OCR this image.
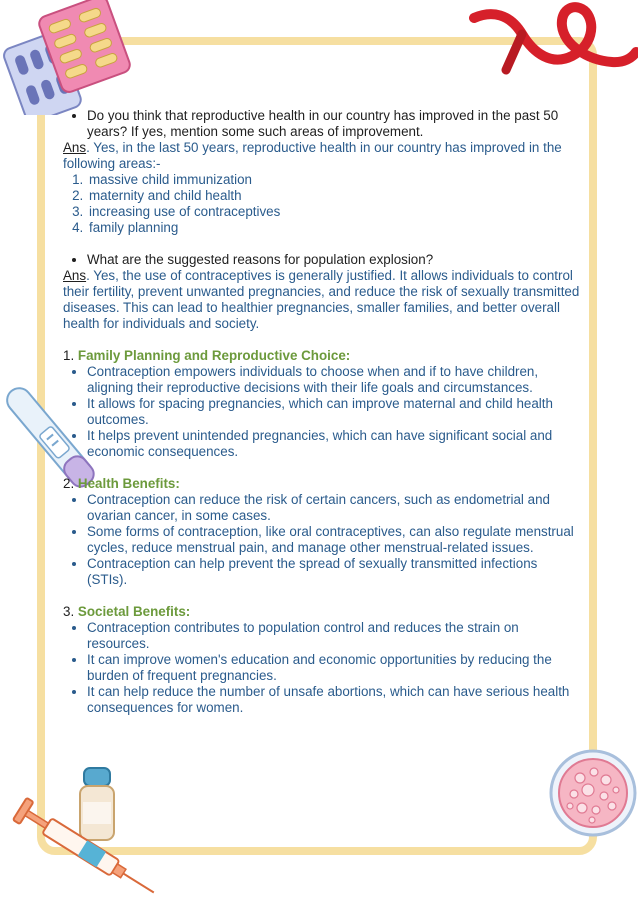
• Do you think that reproductive health in our country has improved in the past 50 years? If yes, mention some such areas of improvement.

Ans. Yes, in the last 50 years, reproductive health in our country has improved in the following areas:-

1. massive child immunization
2. maternity and child health
3. increasing use of contraceptives
4. family planning
• What are the suggested reasons for population explosion?

Ans. Yes, the use of contraceptives is generally justified. It allows individuals to control their fertility, prevent unwanted pregnancies, and reduce the risk of sexually transmitted diseases. This can lead to healthier pregnancies, smaller families, and better overall health for individuals and society.

1. Family Planning and Reproductive Choice:

• Contraception empowers individuals to choose when and if to have children, aligning their reproductive decisions with their life goals and circumstances.
• It allows for spacing pregnancies, which can improve maternal and child health outcomes.
• It helps prevent unintended pregnancies, which can have significant social and economic consequences.

2. Health Benefits:

• Contraception can reduce the risk of certain cancers, such as endometrial and ovarian cancer, in some cases.
• Some forms of contraception, like oral contraceptives, can also regulate menstrual cycles, reduce menstrual pain, and manage other menstrual-related issues.
• Contraception can help prevent the spread of sexually transmitted infections (STIs).

3. Societal Benefits:

• Contraception contributes to population control and reduces the strain on resources.
• It can improve women's education and economic opportunities by reducing the burden of frequent pregnancies.
• It can help reduce the number of unsafe abortions, which can have serious health consequences for women.
